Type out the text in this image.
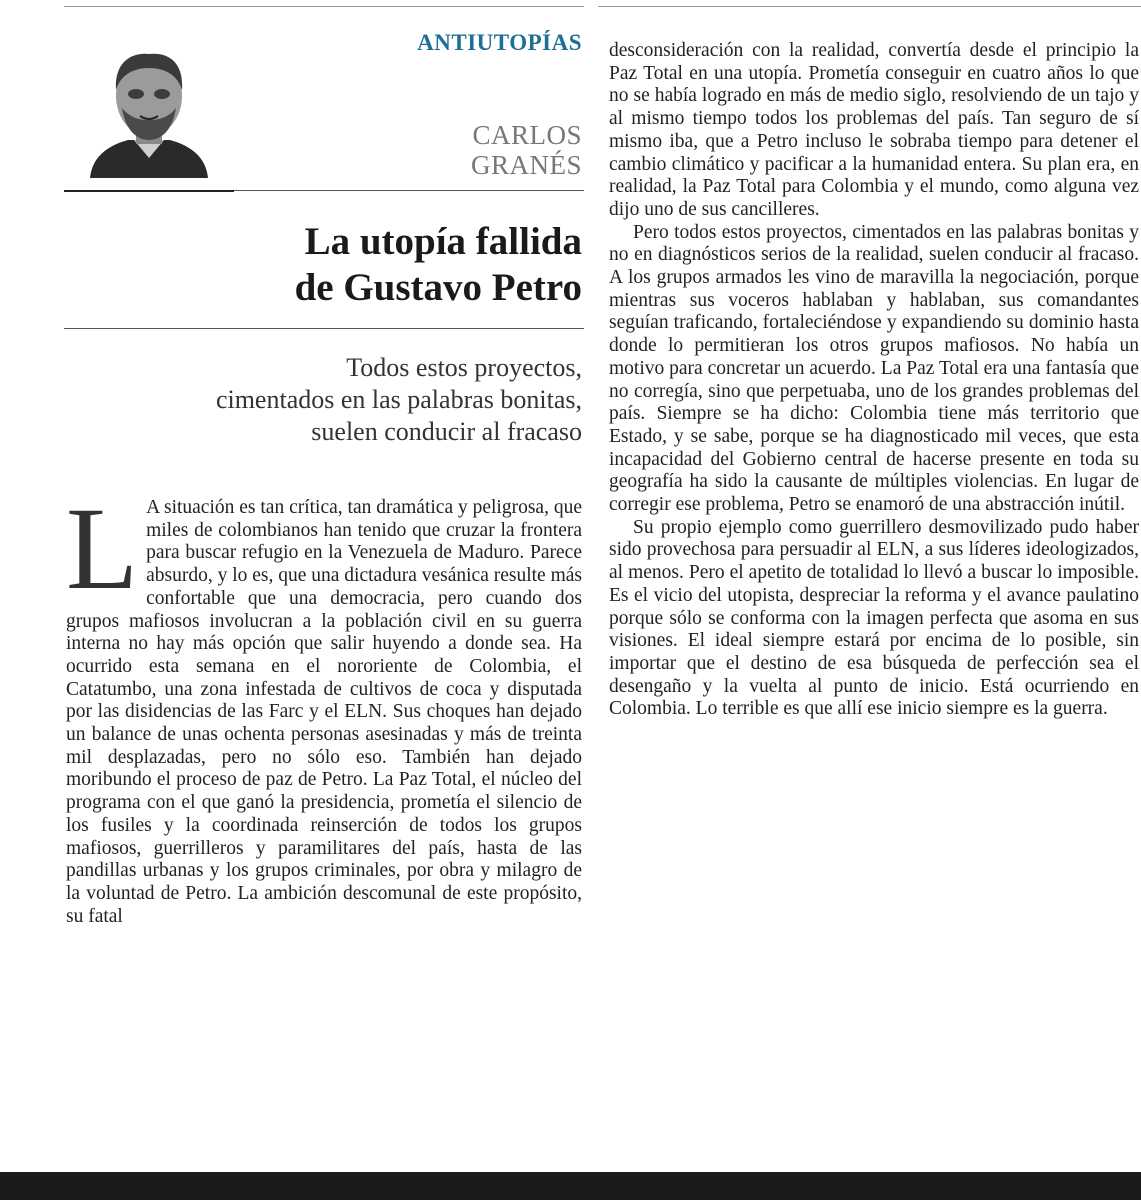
ANTIUTOPÍAS
CARLOS
GRANÉS
La utopía fallida
de Gustavo Petro

Todos estos proyectos,
cimentados en las palabras bonitas,
suelen conducir al fracaso

L A situación es tan crítica, tan dramática y peligrosa, que miles de colombianos han tenido que cruzar la frontera para buscar refugio en la Venezuela de Maduro. Parece absurdo, y lo es, que una dictadura vesánica resulte más confortable que una democracia, pero cuando dos grupos mafiosos involucran a la población civil en su guerra interna no hay más opción que salir huyendo a donde sea. Ha ocurrido esta semana en el nororiente de Colombia, el Catatumbo, una zona infestada de cultivos de coca y disputada por las disidencias de las Farc y el ELN. Sus choques han dejado un balance de unas ochenta personas asesinadas y más de treinta mil desplazadas, pero no sólo eso. También han dejado moribundo el proceso de paz de Petro. La Paz Total, el núcleo del programa con el que ganó la presidencia, prometía el silencio de los fusiles y la coordinada reinserción de todos los grupos mafiosos, guerrilleros y paramilitares del país, hasta de las pandillas urbanas y los grupos criminales, por obra y milagro de la voluntad de Petro. La ambición descomunal de este propósito, su fatal

desconsideración con la realidad, convertía desde el principio la Paz Total en una utopía. Prometía conseguir en cuatro años lo que no se había logrado en más de medio siglo, resolviendo de un tajo y al mismo tiempo todos los problemas del país. Tan seguro de sí mismo iba, que a Petro incluso le sobraba tiempo para detener el cambio climático y pacificar a la humanidad entera. Su plan era, en realidad, la Paz Total para Colombia y el mundo, como alguna vez dijo uno de sus cancilleres.

Pero todos estos proyectos, cimentados en las palabras bonitas y no en diagnósticos serios de la realidad, suelen conducir al fracaso. A los grupos armados les vino de maravilla la negociación, porque mientras sus voceros hablaban y hablaban, sus comandantes seguían traficando, fortaleciéndose y expandiendo su dominio hasta donde lo permitieran los otros grupos mafiosos. No había un motivo para concretar un acuerdo. La Paz Total era una fantasía que no corregía, sino que perpetuaba, uno de los grandes problemas del país. Siempre se ha dicho: Colombia tiene más territorio que Estado, y se sabe, porque se ha diagnosticado mil veces, que esta incapacidad del Gobierno central de hacerse presente en toda su geografía ha sido la causante de múltiples violencias. En lugar de corregir ese problema, Petro se enamoró de una abstracción inútil.

Su propio ejemplo como guerrillero desmovilizado pudo haber sido provechosa para persuadir al ELN, a sus líderes ideologizados, al menos. Pero el apetito de totalidad lo llevó a buscar lo imposible. Es el vicio del utopista, despreciar la reforma y el avance paulatino porque sólo se conforma con la imagen perfecta que asoma en sus visiones. El ideal siempre estará por encima de lo posible, sin importar que el destino de esa búsqueda de perfección sea el desengaño y la vuelta al punto de inicio. Está ocurriendo en Colombia. Lo terrible es que allí ese inicio siempre es la guerra.
